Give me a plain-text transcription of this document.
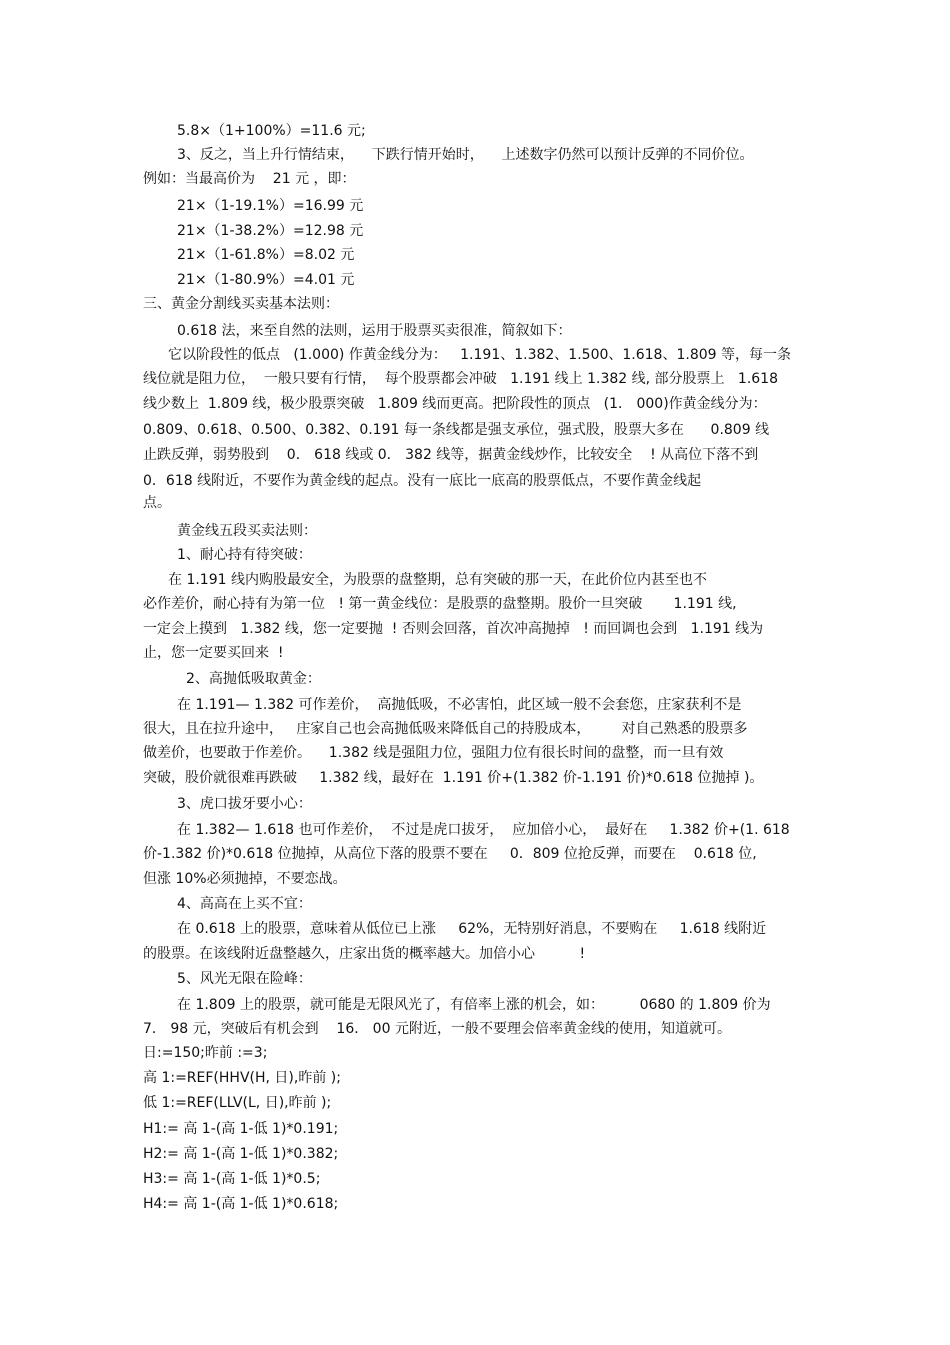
5.8×（1+100%）=11.6 元;
3、反之，当上升行情结束，    下跌行情开始时，    上述数字仍然可以预计反弹的不同价位。
例如：当最高价为    21 元 ，即：
21×（1-19.1%）=16.99 元
21×（1-38.2%）=12.98 元
21×（1-61.8%）=8.02 元
21×（1-80.9%）=4.01 元
三、黄金分割线买卖基本法则：
0.618 法，来至自然的法则，运用于股票买卖很准，简叙如下：
它以阶段性的低点   (1.000) 作黄金线分为：   1.191、1.382、1.500、1.618、1.809 等，每一条
线位就是阻力位，  一般只要有行情，  每个股票都会冲破   1.191 线上 1.382 线, 部分股票上   1.618
线少数上  1.809 线，极少股票突破   1.809 线而更高。把阶段性的顶点   (1． 000)作黄金线分为：
0.809、0.618、0.500、0.382、0.191 每一条线都是强支承位，强式股，股票大多在      0.809 线
止跌反弹，弱势股到    0． 618 线或 0． 382 线等，据黄金线炒作，比较安全    ! 从高位下落不到
0．618 线附近，不要作为黄金线的起点。没有一底比一底高的股票低点，不要作黄金线起
点。
黄金线五段买卖法则：
1、耐心持有待突破：
在 1.191 线内购股最安全，为股票的盘整期，总有突破的那一天，在此价位内甚至也不
必作差价，耐心持有为第一位   ! 第一黄金线位：是股票的盘整期。股价一旦突破       1.191 线,
一定会上摸到   1.382 线，您一定要抛  ! 否则会回落，首次冲高抛掉   ! 而回调也会到   1.191 线为
止，您一定要买回来  !
2、高抛低吸取黄金：
在 1.191— 1.382 可作差价，  高抛低吸，不必害怕，此区域一般不会套您，庄家获利不是
很大，且在拉升途中，   庄家自己也会高抛低吸来降低自己的持股成本，       对自己熟悉的股票多
做差价，也要敢于作差价。    1.382 线是强阻力位，强阻力位有很长时间的盘整，而一旦有效
突破，股价就很难再跌破     1.382 线，最好在  1.191 价+(1.382 价-1.191 价)*0.618 位抛掉 )。
3、虎口拔牙要小心：
在 1.382— 1.618 也可作差价，  不过是虎口拔牙，  应加倍小心，  最好在     1.382 价+(1. 618
价-1.382 价)*0.618 位抛掉，从高位下落的股票不要在     0．809 位抢反弹，而要在    0.618 位,
但涨 10%必须抛掉，不要恋战。
4、高高在上买不宜：
在 0.618 上的股票，意味着从低位已上涨     62%，无特别好消息，不要购在     1.618 线附近
的股票。在该线附近盘整越久，庄家出货的概率越大。加倍小心          !
5、风光无限在险峰：
在 1.809 上的股票，就可能是无限风光了，有倍率上涨的机会，如：        0680 的 1.809 价为
7． 98 元，突破后有机会到    16． 00 元附近，一般不要理会倍率黄金线的使用，知道就可。
日:=150;昨前 :=3;
高 1:=REF(HHV(H, 日),昨前 );
低 1:=REF(LLV(L, 日),昨前 );
H1:= 高 1-(高 1-低 1)*0.191;
H2:= 高 1-(高 1-低 1)*0.382;
H3:= 高 1-(高 1-低 1)*0.5;
H4:= 高 1-(高 1-低 1)*0.618;
